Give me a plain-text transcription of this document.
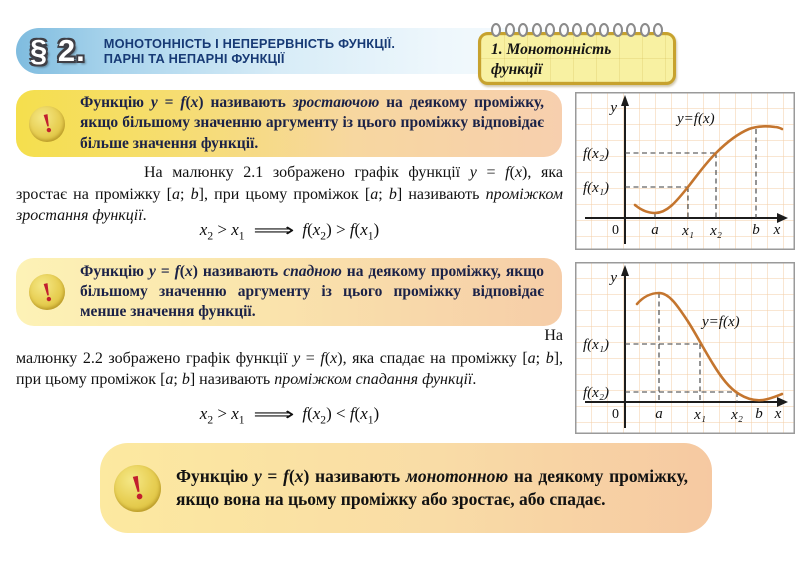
§ 2. МОНОТОННІСТЬ І НЕПЕРЕРВНІСТЬ ФУНКЦІЇ.
ПАРНІ ТА НЕПАРНІ ФУНКЦІЇ
1. Монотонність
функції
!
Функцію y = f(x) називають зростаючою на деякому проміжку, якщо більшому значенню аргументу із цього проміжку відповідає більше значення функції.
На малюнку 2.1 зображено графік функції y = f(x), яка зростає на проміжку [a; b], при цьому проміжок [a; b] називають проміжком зростання функції.
$x_2 > x_1$ ⟹ $f(x_2) > f(x_1)$
!
Функцію y = f(x) називають спадною на деякому проміжку, якщо більшому значенню аргументу із цього проміжку відповідає менше значення функції.
На
малюнку 2.2 зображено графік функції y = f(x), яка спадає на проміжку [a; b], при цьому проміжок [a; b] називають проміжком спадання функції.
$x_2 > x_1$ ⟹ $f(x_2) < f(x_1)$
!	Функцію y = f(x) називають монотонною на деякому проміжку, якщо вона на цьому проміжку або зростає, або спадає.
y
y=f(x)
f(x₂)
f(x₁)
0 a x₁ x₂ b x
y
y=f(x)
f(x₁)
f(x₂)
0 a x₁ x₂ b x
